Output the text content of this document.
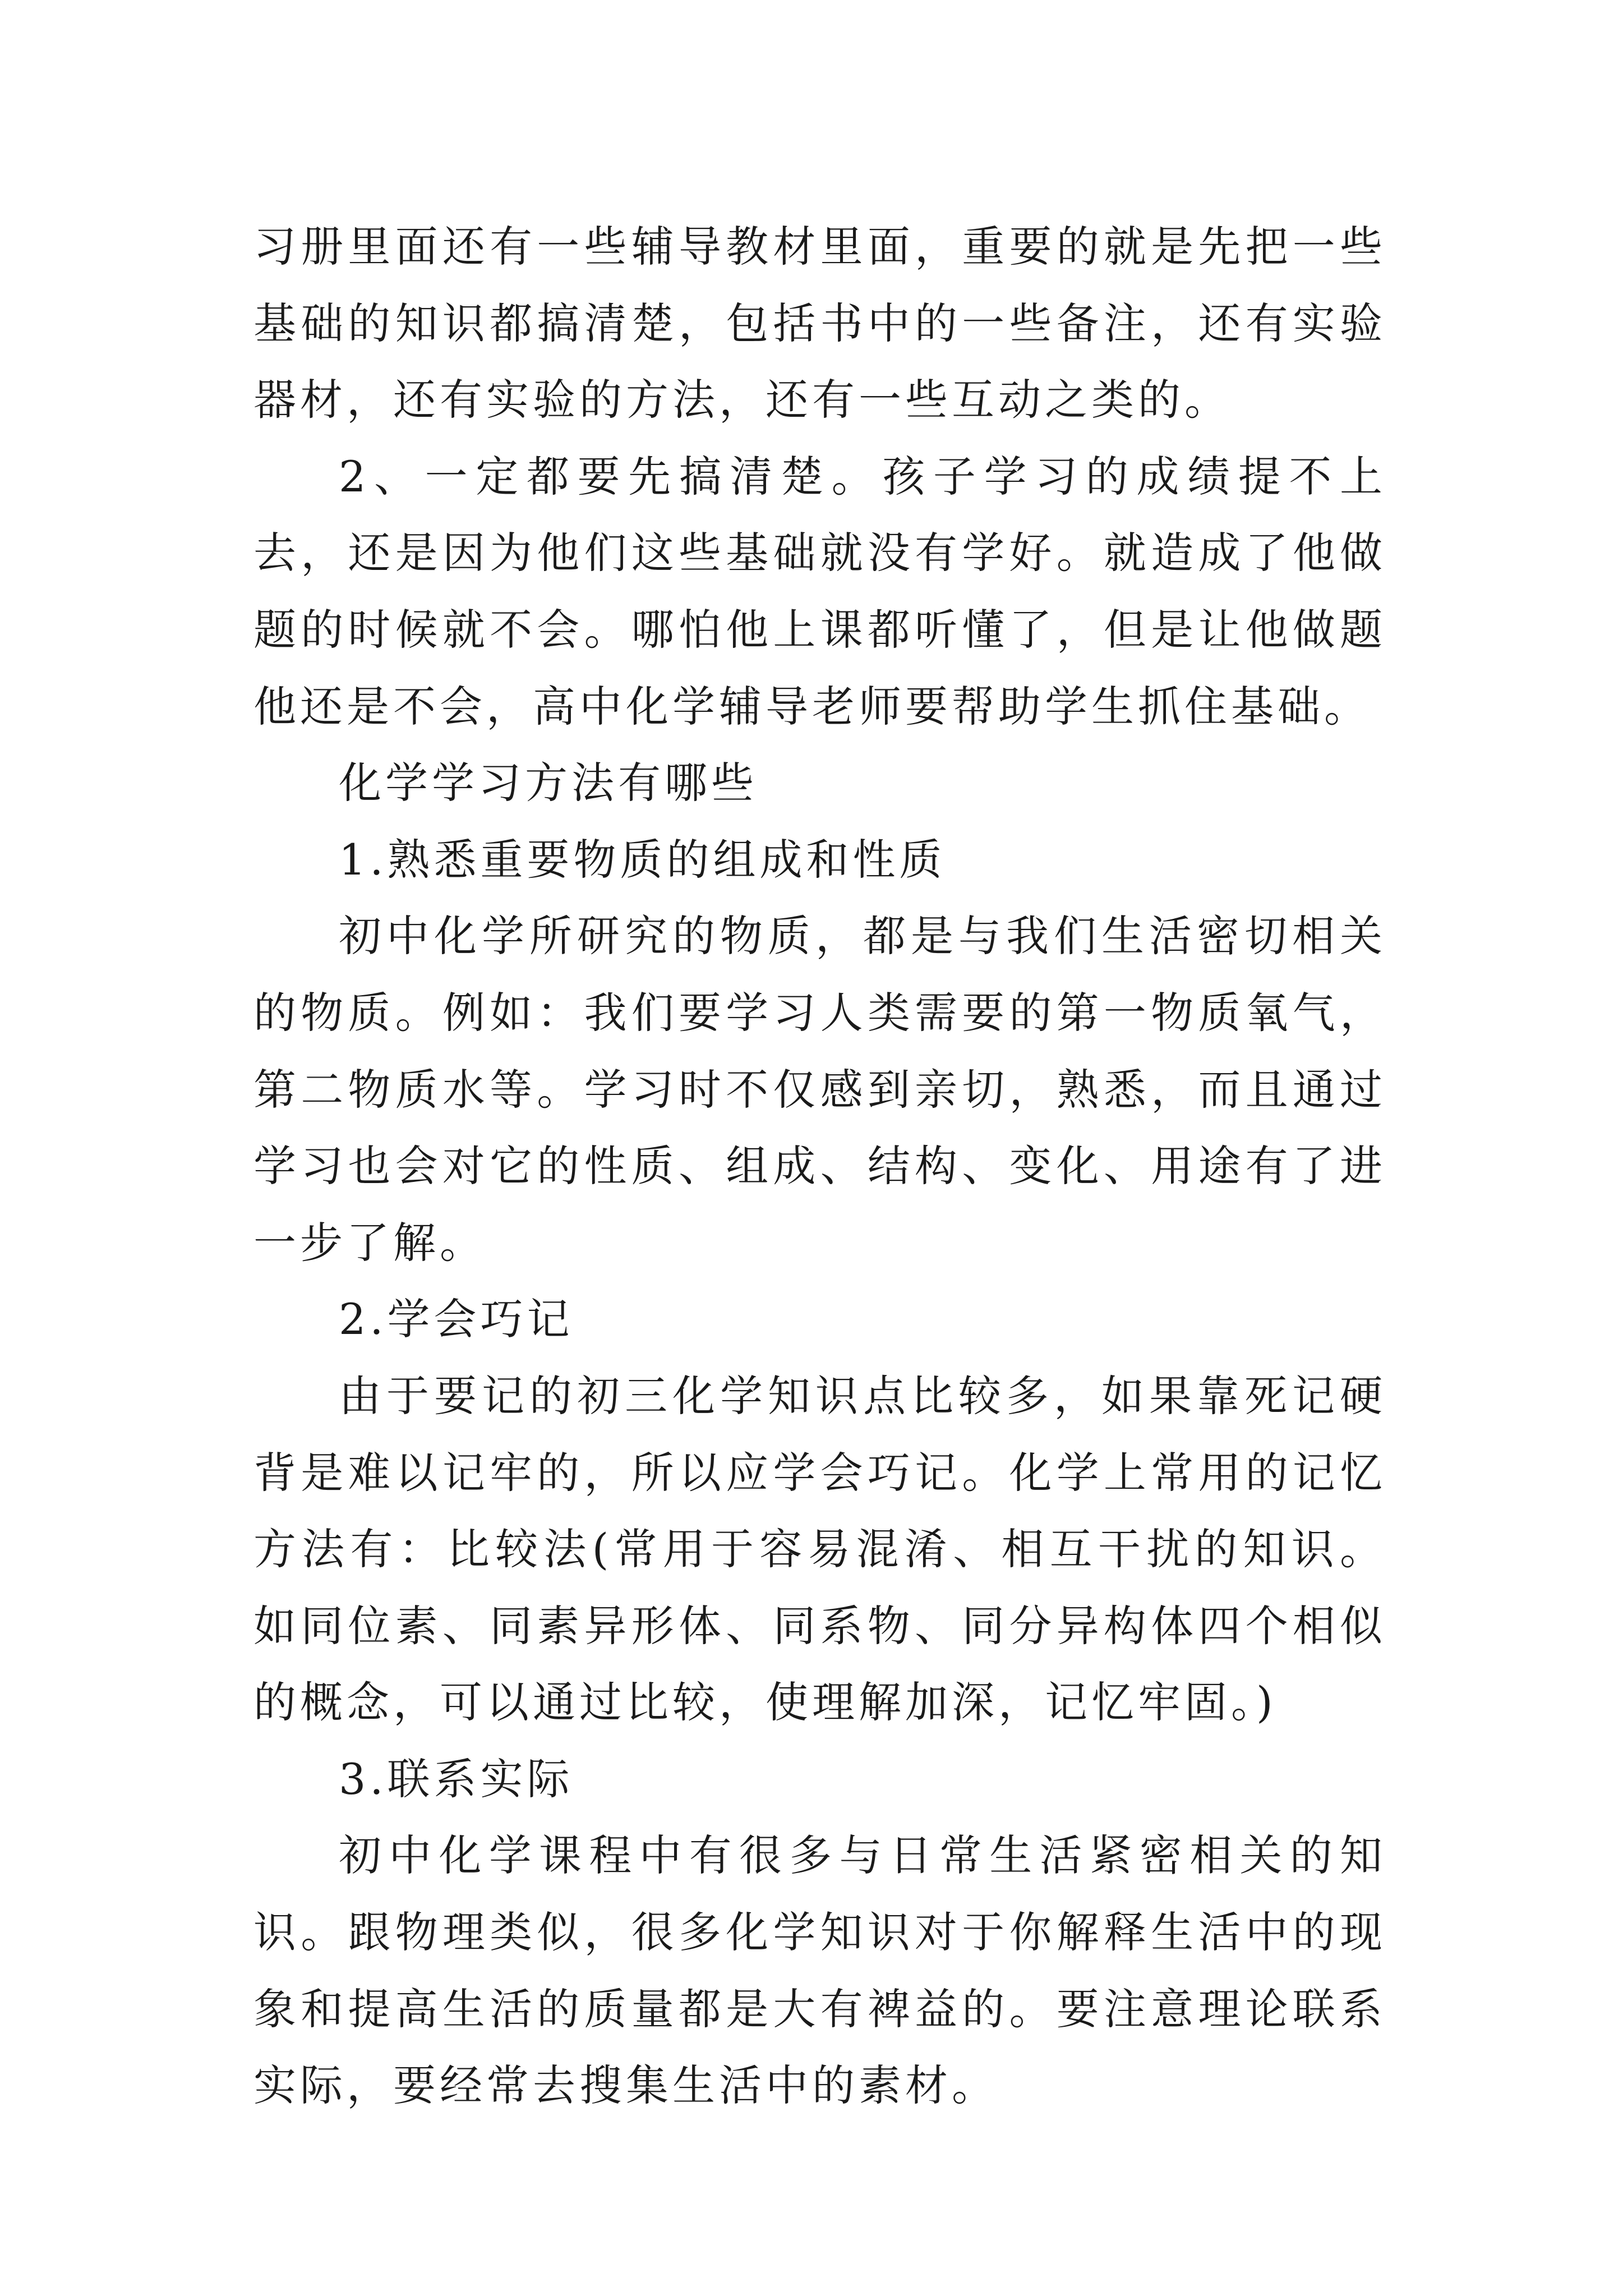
习册里面还有一些辅导教材里面，重要的就是先把一些基础的知识都搞清楚，包括书中的一些备注，还有实验器材，还有实验的方法，还有一些互动之类的。

2、一定都要先搞清楚。孩子学习的成绩提不上去，还是因为他们这些基础就没有学好。就造成了他做题的时候就不会。哪怕他上课都听懂了，但是让他做题他还是不会，高中化学辅导老师要帮助学生抓住基础。

化学学习方法有哪些

1.熟悉重要物质的组成和性质

初中化学所研究的物质，都是与我们生活密切相关的物质。例如：我们要学习人类需要的第一物质氧气，第二物质水等。学习时不仅感到亲切，熟悉，而且通过学习也会对它的性质、组成、结构、变化、用途有了进一步了解。

2.学会巧记

由于要记的初三化学知识点比较多，如果靠死记硬背是难以记牢的，所以应学会巧记。化学上常用的记忆方法有：比较法(常用于容易混淆、相互干扰的知识。如同位素、同素异形体、同系物、同分异构体四个相似的概念，可以通过比较，使理解加深，记忆牢固。)

3.联系实际

初中化学课程中有很多与日常生活紧密相关的知识。跟物理类似，很多化学知识对于你解释生活中的现象和提高生活的质量都是大有裨益的。要注意理论联系实际，要经常去搜集生活中的素材。
